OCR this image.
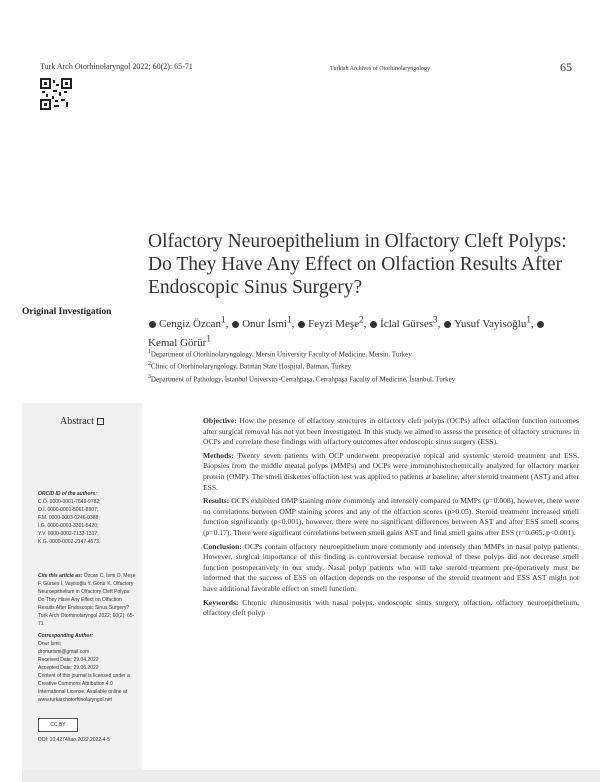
Turk Arch Otorhinolaryngol 2022; 60(2): 65-71	Turkish Archives of Otorhinolaryngology	65
Olfactory Neuroepithelium in Olfactory Cleft Polyps: Do They Have Any Effect on Olfaction Results After Endoscopic Sinus Surgery?
Original Investigation
Cengiz Özcan$^1$, Onur İsmi$^1$, Feyzi Meşe$^2$, İclal Gürses$^3$, Yusuf Vayisoğlu$^1$, Kemal Görür$^1$
$^1$Department of Otorhinolaryngology, Mersin University Faculty of Medicine, Mersin, Turkey
$^2$Clinic of Otorhinolaryngology, Batman State Hospital, Batman, Turkey
$^3$Department of Pathology, İstanbul University-Cerrahpaşa, Cerrahpaşa Faculty of Medicine, İstanbul, Turkey
Abstract
ORCID ID of the authors:
C.Ö. 0000-0001-7649-9782;
O.İ. 0000-0001-5061-8907;
F.M. 0000-0003-0246-0388;
İ.G. 0000-0003-3301-5420;
Y.V. 0000-0002-7132-1317;
K.G. 0000-0002-2147-4673.
Cite this article as: Özcan C, İsmi O, Meşe F, Gürses İ, Vayisoğlu Y, Görür K. Olfactory Neuroepithelium in Olfactory Cleft Polyps: Do They Have Any Effect on Olfaction Results After Endoscopic Sinus Surgery? Turk Arch Otorhinolaryngol 2022; 60(2): 65-71
Corresponding Author:
Onur İsmi;
dronurismi@gmail.com
Received Date: 29.04.2022
Accepted Date: 29.06.2022
Content of this journal is licensed under a Creative Commons Attribution 4.0 International License. Available online at www.turkarchotorhinolaryngol.net
CC BY
DOI: 10.4274/tao.2022.2022-4-5

Objective: How the presence of olfactory structures in olfactory cleft polyps (OCPs) affect olfaction function outcomes after surgical removal has not yet been investigated. In this study we aimed to assess the presence of olfactory structures in OCPs and correlate these findings with olfactory outcomes after endoscopic sinus surgery (ESS).

Methods: Twenty seven patients with OCP underwent preoperative topical and systemic steroid treatment and ESS. Biopsies from the middle meatal polyps (MMPs) and OCPs were immunohistochemically analyzed for olfactory marker protein (OMP). The smell diskettes olfaction test was applied to patients at baseline, after steroid treatment (AST) and after ESS.

Results: OCPs exhibited OMP staining more commonly and intensely compared to MMPs (p=0.008), however, there were no correlations between OMP staining scores and any of the olfaction scores (p>0.05). Steroid treatment increased smell function significantly (p<0.001), however, there were no significant differences between AST and after ESS smell scores (p=0.17). There were significant correlations between smell gains AST and final smell gains after ESS (r=0.665, p<0.001).

Conclusion: OCPs contain olfactory neuroepithelium more commonly and intensely than MMPs in nasal polyp patients. However, surgical importance of this finding is controversial because removal of these polyps did not decrease smell function postoperatively in our study. Nasal polyp patients who will take steroid treatment pre-operatively must be informed that the success of ESS on olfaction depends on the response of the steroid treatment and ESS AST might not have additional favorable effect on smell function.

Keywords: Chronic rhinosinusitis with nasal polyps, endoscopic sinus surgery, olfaction, olfactory neuroepithelium, olfactory cleft polyp
